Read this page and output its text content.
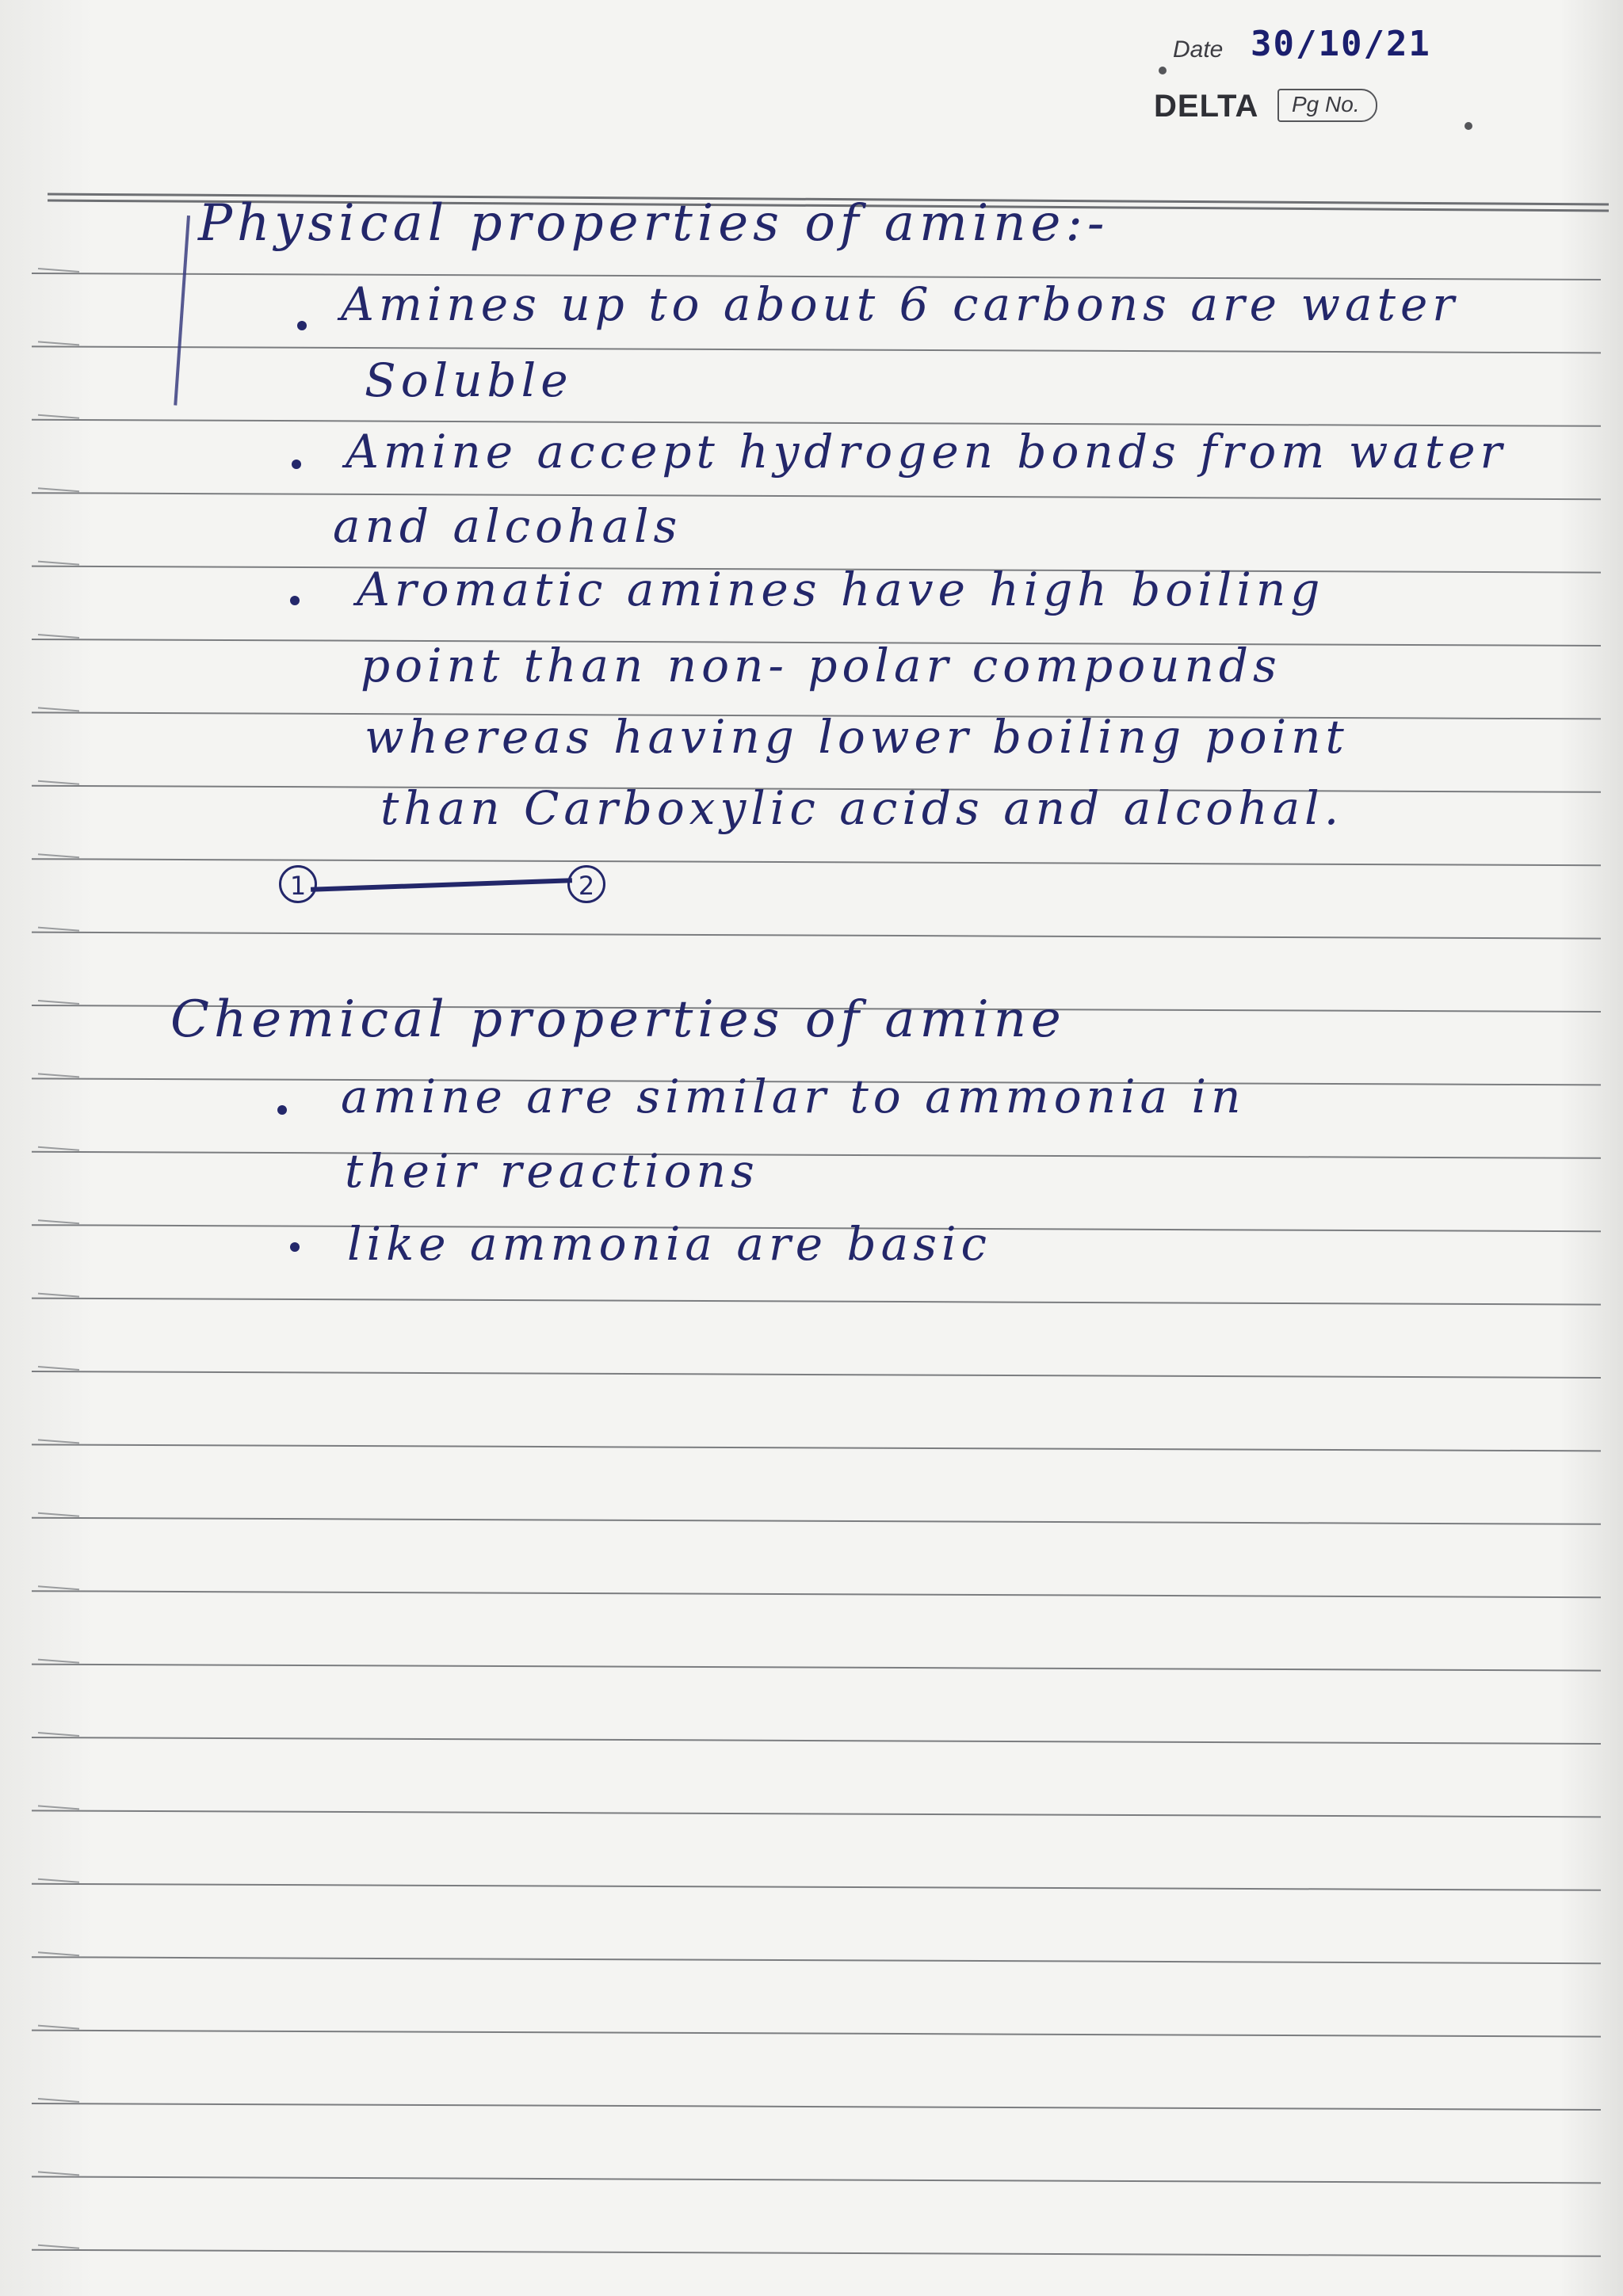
Date 30/10/21
DELTA	Pg No.
Physical properties of amine:-
Amines up to about 6 carbons are water
Soluble
Amine accept hydrogen bonds from water
and alcohals
Aromatic amines have high boiling
point than non- polar compounds
whereas having lower boiling point
than Carboxylic acids and alcohal.
1	2
Chemical properties of amine
amine are similar to ammonia in
their reactions
like ammonia are basic
